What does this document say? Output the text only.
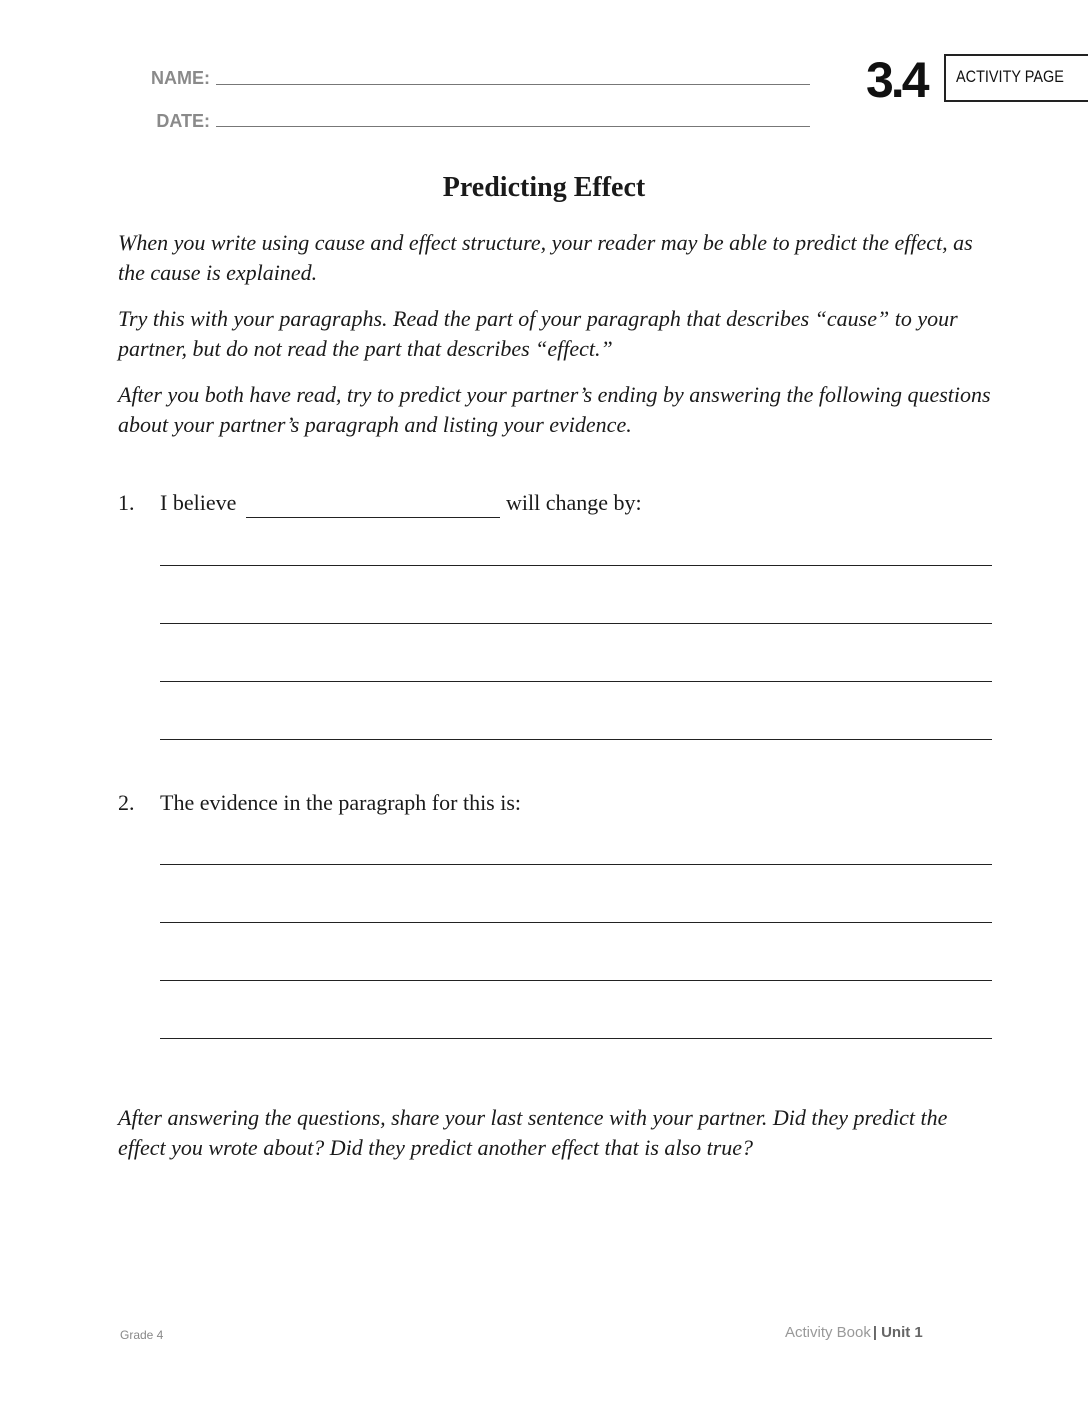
NAME:
DATE:
3.4	ACTIVITY PAGE
Predicting Effect

When you write using cause and effect structure, your reader may be able to predict the effect, as the cause is explained.

Try this with your paragraphs. Read the part of your paragraph that describes “cause” to your partner, but do not read the part that describes “effect.”

After you both have read, try to predict your partner’s ending by answering the following questions about your partner’s paragraph and listing your evidence.

1. I believe	will change by:
2. The evidence in the paragraph for this is:

After answering the questions, share your last sentence with your partner. Did they predict the effect you wrote about? Did they predict another effect that is also true?

Grade 4	Activity Book | Unit 1
